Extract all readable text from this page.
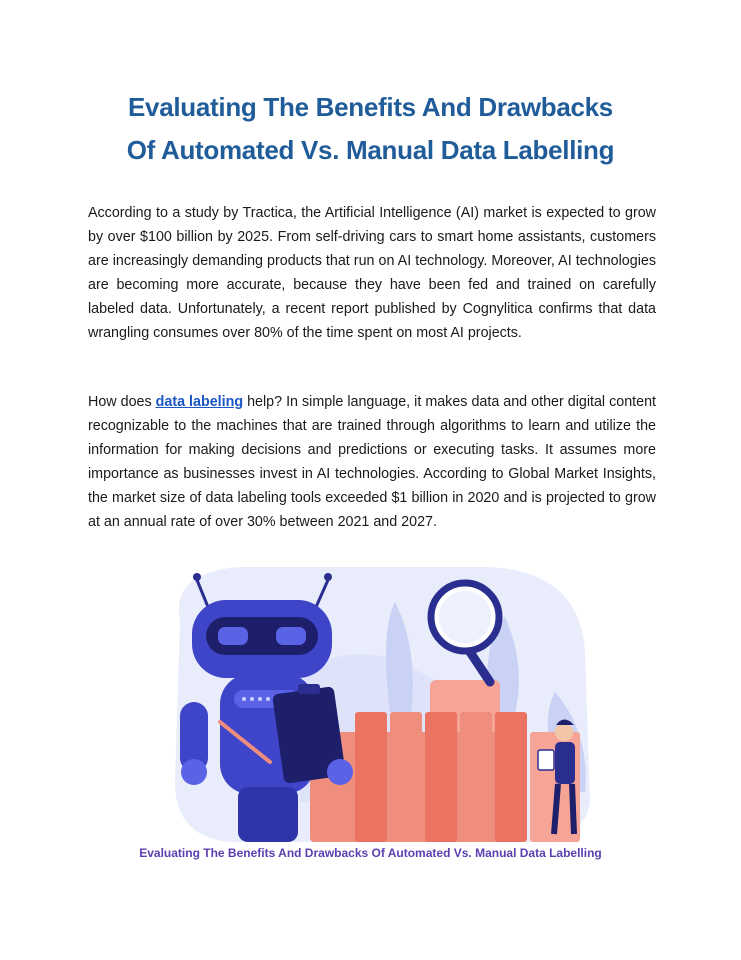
Evaluating The Benefits And Drawbacks
Of Automated Vs. Manual Data Labelling

According to a study by Tractica, the Artificial Intelligence (AI) market is expected to grow by over $100 billion by 2025. From self-driving cars to smart home assistants, customers are increasingly demanding products that run on AI technology. Moreover, AI technologies are becoming more accurate, because they have been fed and trained on carefully labeled data. Unfortunately, a recent report published by Cognylitica confirms that data wrangling consumes over 80% of the time spent on most AI projects.

How does data labeling help? In simple language, it makes data and other digital content recognizable to the machines that are trained through algorithms to learn and utilize the information for making decisions and predictions or executing tasks. It assumes more importance as businesses invest in AI technologies. According to Global Market Insights, the market size of data labeling tools exceeded $1 billion in 2020 and is projected to grow at an annual rate of over 30% between 2021 and 2027.

Evaluating The Benefits And Drawbacks Of Automated Vs. Manual Data Labelling
